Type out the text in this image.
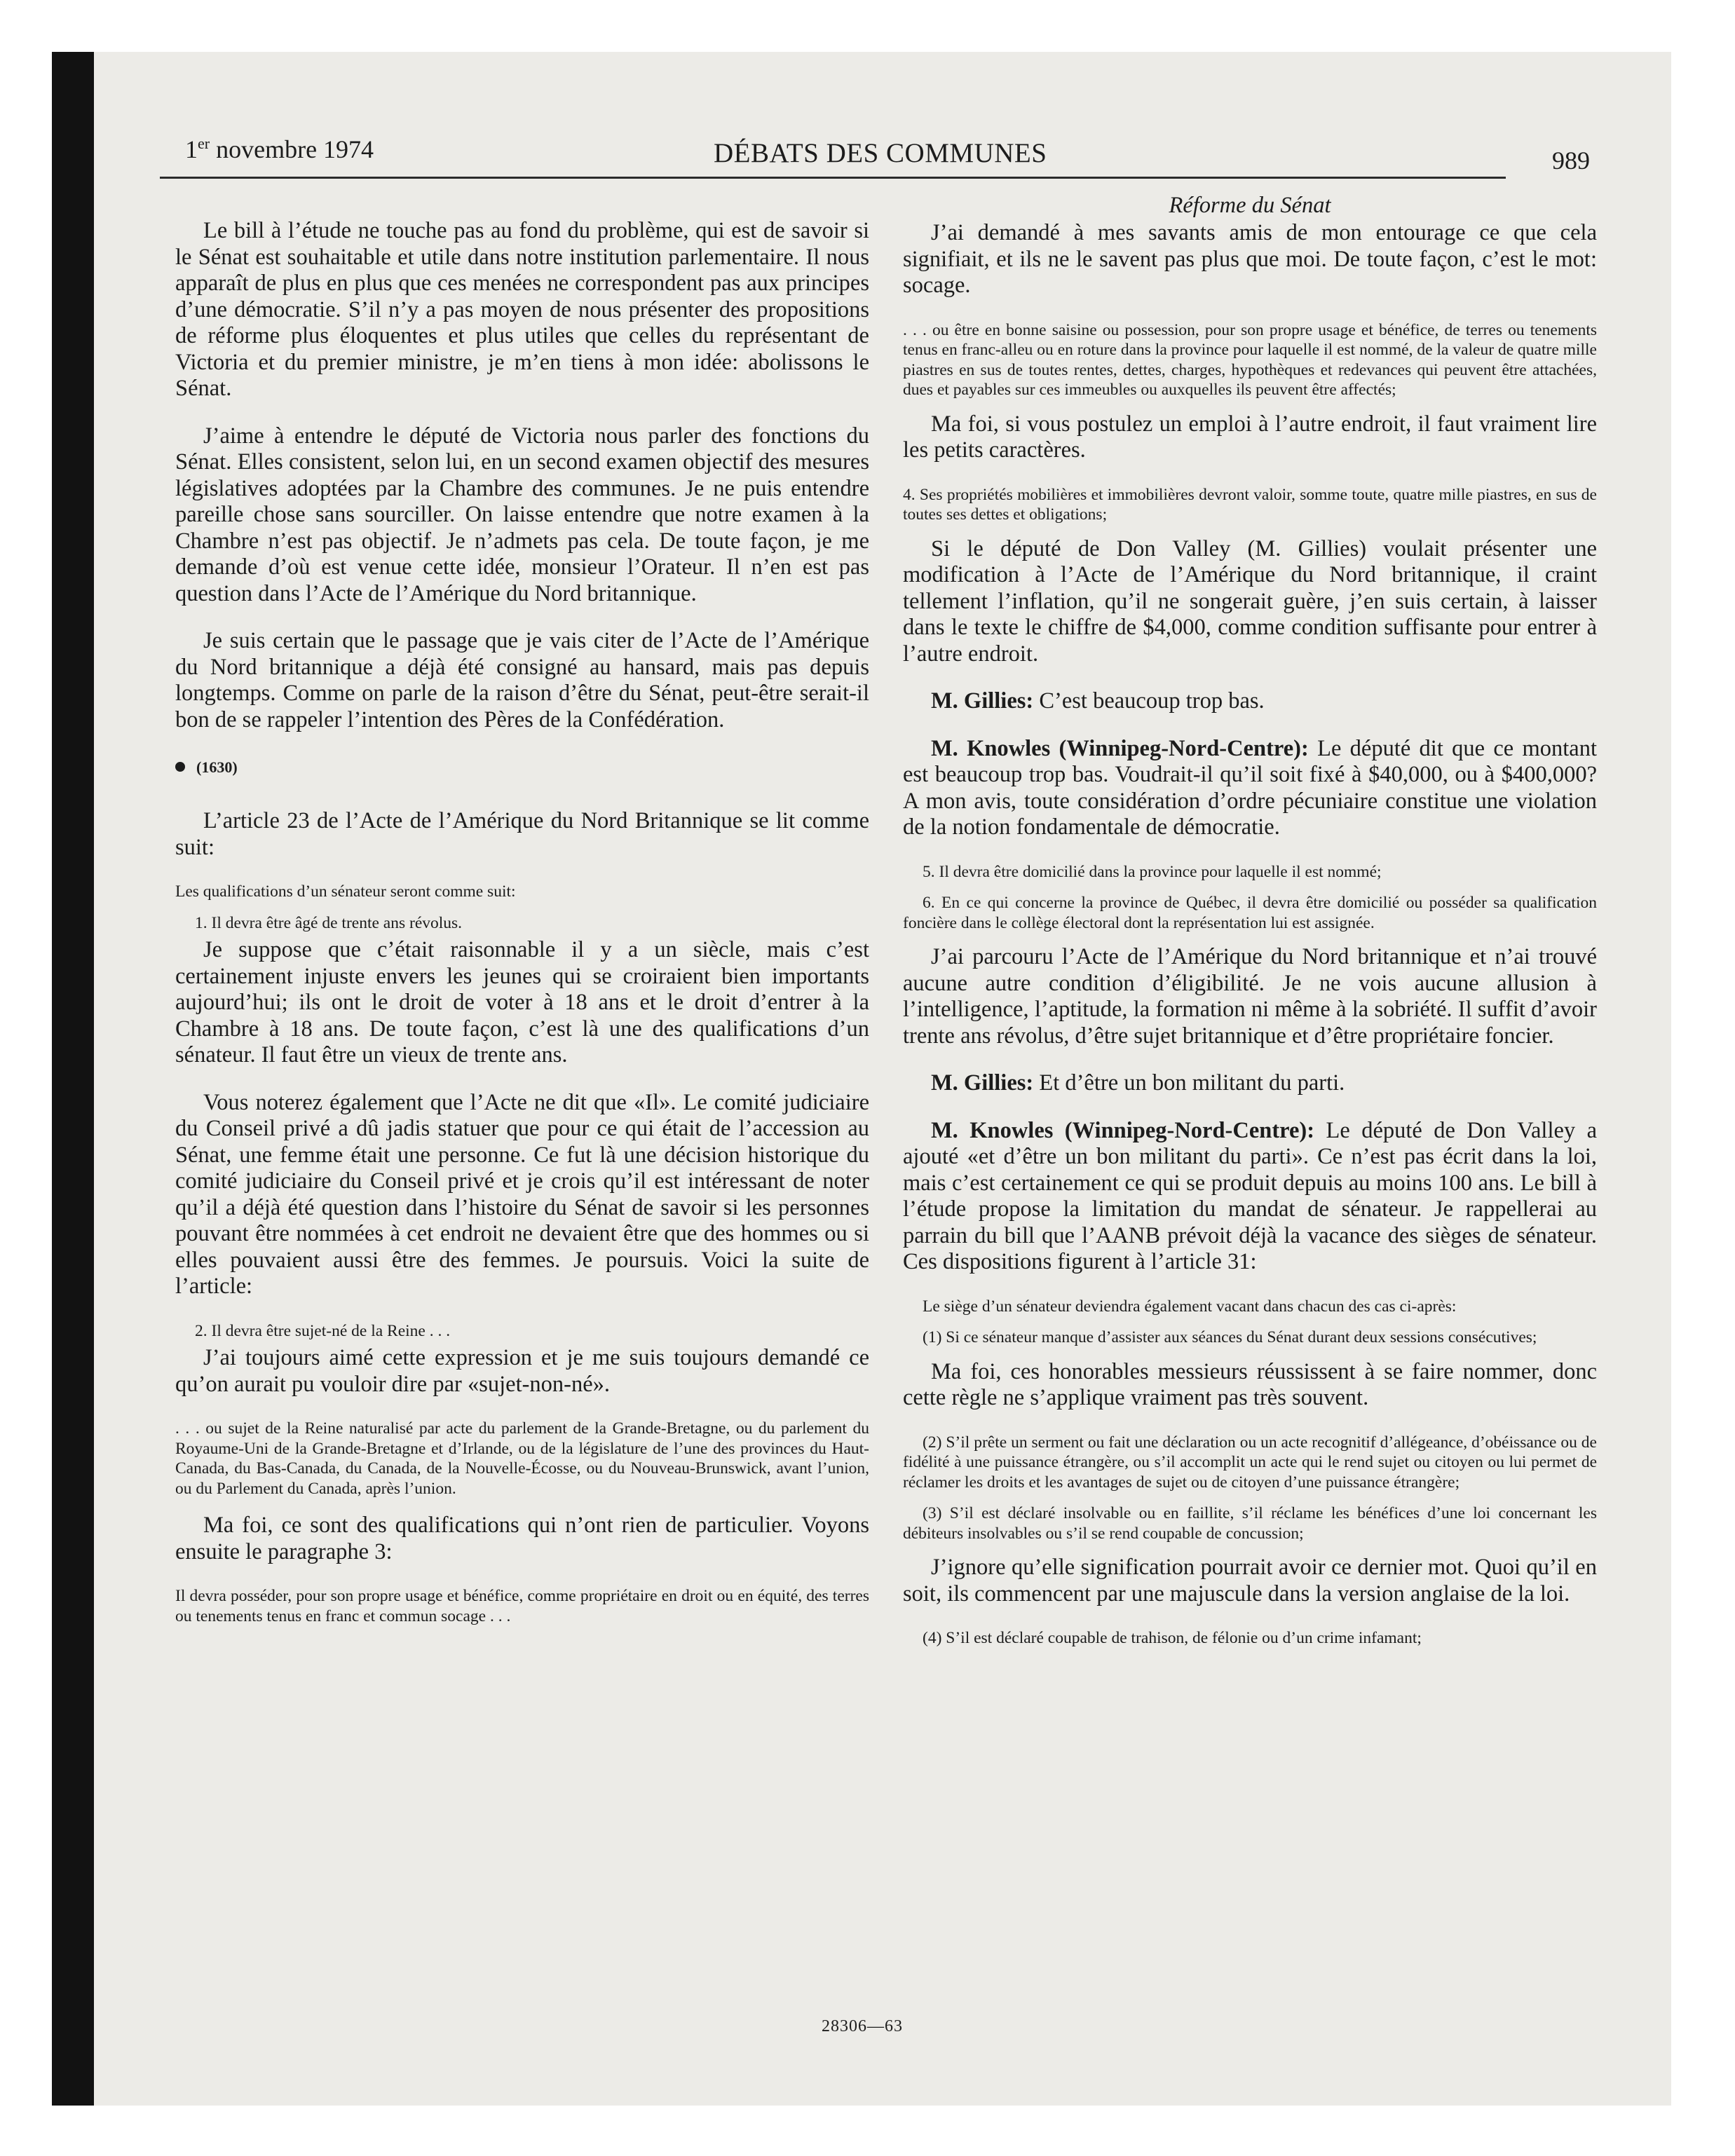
1er novembre 1974	DÉBATS DES COMMUNES	989

Le bill à l’étude ne touche pas au fond du problème, qui est de savoir si le Sénat est souhaitable et utile dans notre institution parlementaire. Il nous apparaît de plus en plus que ces menées ne correspondent pas aux principes d’une démocratie. S’il n’y a pas moyen de nous présenter des propositions de réforme plus éloquentes et plus utiles que celles du représentant de Victoria et du premier ministre, je m’en tiens à mon idée: abolissons le Sénat.

J’aime à entendre le député de Victoria nous parler des fonctions du Sénat. Elles consistent, selon lui, en un second examen objectif des mesures législatives adoptées par la Chambre des communes. Je ne puis entendre pareille chose sans sourciller. On laisse entendre que notre examen à la Chambre n’est pas objectif. Je n’admets pas cela. De toute façon, je me demande d’où est venue cette idée, monsieur l’Orateur. Il n’en est pas question dans l’Acte de l’Amérique du Nord britannique.

Je suis certain que le passage que je vais citer de l’Acte de l’Amérique du Nord britannique a déjà été consigné au hansard, mais pas depuis longtemps. Comme on parle de la raison d’être du Sénat, peut-être serait-il bon de se rappeler l’intention des Pères de la Confédération.

(1630)

L’article 23 de l’Acte de l’Amérique du Nord Britannique se lit comme suit:

Les qualifications d’un sénateur seront comme suit:

1. Il devra être âgé de trente ans révolus.

Je suppose que c’était raisonnable il y a un siècle, mais c’est certainement injuste envers les jeunes qui se croiraient bien importants aujourd’hui; ils ont le droit de voter à 18 ans et le droit d’entrer à la Chambre à 18 ans. De toute façon, c’est là une des qualifications d’un sénateur. Il faut être un vieux de trente ans.

Vous noterez également que l’Acte ne dit que «Il». Le comité judiciaire du Conseil privé a dû jadis statuer que pour ce qui était de l’accession au Sénat, une femme était une personne. Ce fut là une décision historique du comité judiciaire du Conseil privé et je crois qu’il est intéressant de noter qu’il a déjà été question dans l’histoire du Sénat de savoir si les personnes pouvant être nommées à cet endroit ne devaient être que des hommes ou si elles pouvaient aussi être des femmes. Je poursuis. Voici la suite de l’article:

2. Il devra être sujet-né de la Reine . . .

J’ai toujours aimé cette expression et je me suis toujours demandé ce qu’on aurait pu vouloir dire par «sujet-non-né».

. . . ou sujet de la Reine naturalisé par acte du parlement de la Grande-Bretagne, ou du parlement du Royaume-Uni de la Grande-Bretagne et d’Irlande, ou de la législature de l’une des provinces du Haut-Canada, du Bas-Canada, du Canada, de la Nouvelle-Écosse, ou du Nouveau-Brunswick, avant l’union, ou du Parlement du Canada, après l’union.

Ma foi, ce sont des qualifications qui n’ont rien de particulier. Voyons ensuite le paragraphe 3:

Il devra posséder, pour son propre usage et bénéfice, comme propriétaire en droit ou en équité, des terres ou tenements tenus en franc et commun socage . . .

Réforme du Sénat

J’ai demandé à mes savants amis de mon entourage ce que cela signifiait, et ils ne le savent pas plus que moi. De toute façon, c’est le mot: socage.

. . . ou être en bonne saisine ou possession, pour son propre usage et bénéfice, de terres ou tenements tenus en franc-alleu ou en roture dans la province pour laquelle il est nommé, de la valeur de quatre mille piastres en sus de toutes rentes, dettes, charges, hypothèques et redevances qui peuvent être attachées, dues et payables sur ces immeubles ou auxquelles ils peuvent être affectés;

Ma foi, si vous postulez un emploi à l’autre endroit, il faut vraiment lire les petits caractères.

4. Ses propriétés mobilières et immobilières devront valoir, somme toute, quatre mille piastres, en sus de toutes ses dettes et obligations;

Si le député de Don Valley (M. Gillies) voulait présenter une modification à l’Acte de l’Amérique du Nord britannique, il craint tellement l’inflation, qu’il ne songerait guère, j’en suis certain, à laisser dans le texte le chiffre de $4,000, comme condition suffisante pour entrer à l’autre endroit.

M. Gillies: C’est beaucoup trop bas.

M. Knowles (Winnipeg-Nord-Centre): Le député dit que ce montant est beaucoup trop bas. Voudrait-il qu’il soit fixé à $40,000, ou à $400,000? A mon avis, toute considération d’ordre pécuniaire constitue une violation de la notion fondamentale de démocratie.

5. Il devra être domicilié dans la province pour laquelle il est nommé;

6. En ce qui concerne la province de Québec, il devra être domicilié ou posséder sa qualification foncière dans le collège électoral dont la représentation lui est assignée.

J’ai parcouru l’Acte de l’Amérique du Nord britannique et n’ai trouvé aucune autre condition d’éligibilité. Je ne vois aucune allusion à l’intelligence, l’aptitude, la formation ni même à la sobriété. Il suffit d’avoir trente ans révolus, d’être sujet britannique et d’être propriétaire foncier.

M. Gillies: Et d’être un bon militant du parti.

M. Knowles (Winnipeg-Nord-Centre): Le député de Don Valley a ajouté «et d’être un bon militant du parti». Ce n’est pas écrit dans la loi, mais c’est certainement ce qui se produit depuis au moins 100 ans. Le bill à l’étude propose la limitation du mandat de sénateur. Je rappellerai au parrain du bill que l’AANB prévoit déjà la vacance des sièges de sénateur. Ces dispositions figurent à l’article 31:

Le siège d’un sénateur deviendra également vacant dans chacun des cas ci-après:

(1) Si ce sénateur manque d’assister aux séances du Sénat durant deux sessions consécutives;

Ma foi, ces honorables messieurs réussissent à se faire nommer, donc cette règle ne s’applique vraiment pas très souvent.

(2) S’il prête un serment ou fait une déclaration ou un acte recognitif d’allégeance, d’obéissance ou de fidélité à une puissance étrangère, ou s’il accomplit un acte qui le rend sujet ou citoyen ou lui permet de réclamer les droits et les avantages de sujet ou de citoyen d’une puissance étrangère;

(3) S’il est déclaré insolvable ou en faillite, s’il réclame les bénéfices d’une loi concernant les débiteurs insolvables ou s’il se rend coupable de concussion;

J’ignore qu’elle signification pourrait avoir ce dernier mot. Quoi qu’il en soit, ils commencent par une majuscule dans la version anglaise de la loi.

(4) S’il est déclaré coupable de trahison, de félonie ou d’un crime infamant;

28306—63
